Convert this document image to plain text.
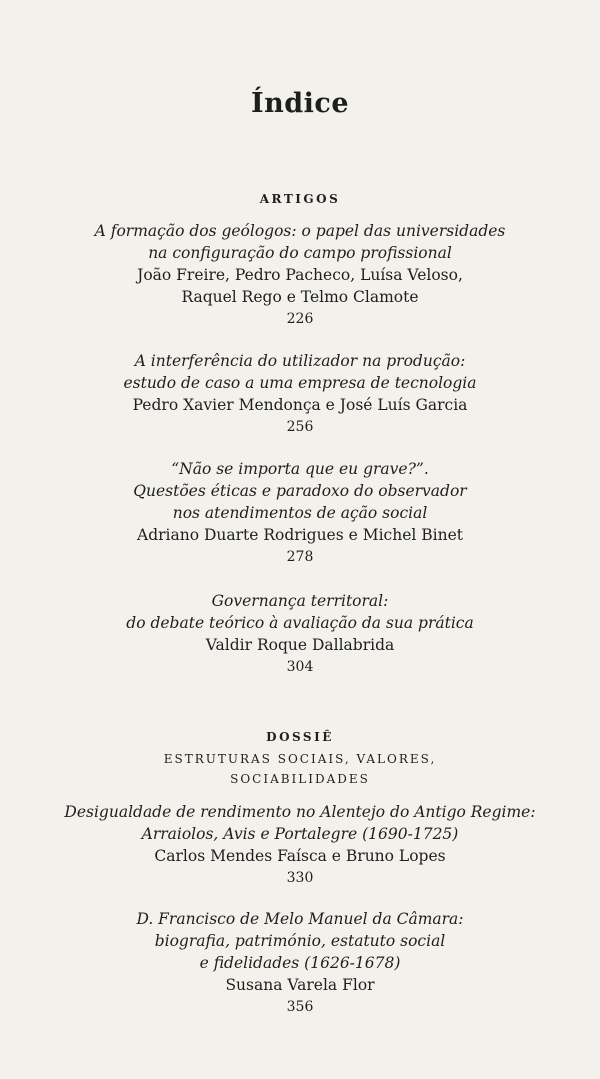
Índice
ARTIGOS
A formação dos geólogos: o papel das universidades
na configuração do campo profissional
João Freire, Pedro Pacheco, Luísa Veloso,
Raquel Rego e Telmo Clamote
226
A interferência do utilizador na produção:
estudo de caso a uma empresa de tecnologia
Pedro Xavier Mendonça e José Luís Garcia
256
“Não se importa que eu grave?”.
Questões éticas e paradoxo do observador
nos atendimentos de ação social
Adriano Duarte Rodrigues e Michel Binet
278
Governança territoral:
do debate teórico à avaliação da sua prática
Valdir Roque Dallabrida
304
DOSSIÊ
ESTRUTURAS SOCIAIS, VALORES,
SOCIABILIDADES
Desigualdade de rendimento no Alentejo do Antigo Regime:
Arraiolos, Avis e Portalegre (1690-1725)
Carlos Mendes Faísca e Bruno Lopes
330
D. Francisco de Melo Manuel da Câmara:
biografia, património, estatuto social
e fidelidades (1626-1678)
Susana Varela Flor
356
